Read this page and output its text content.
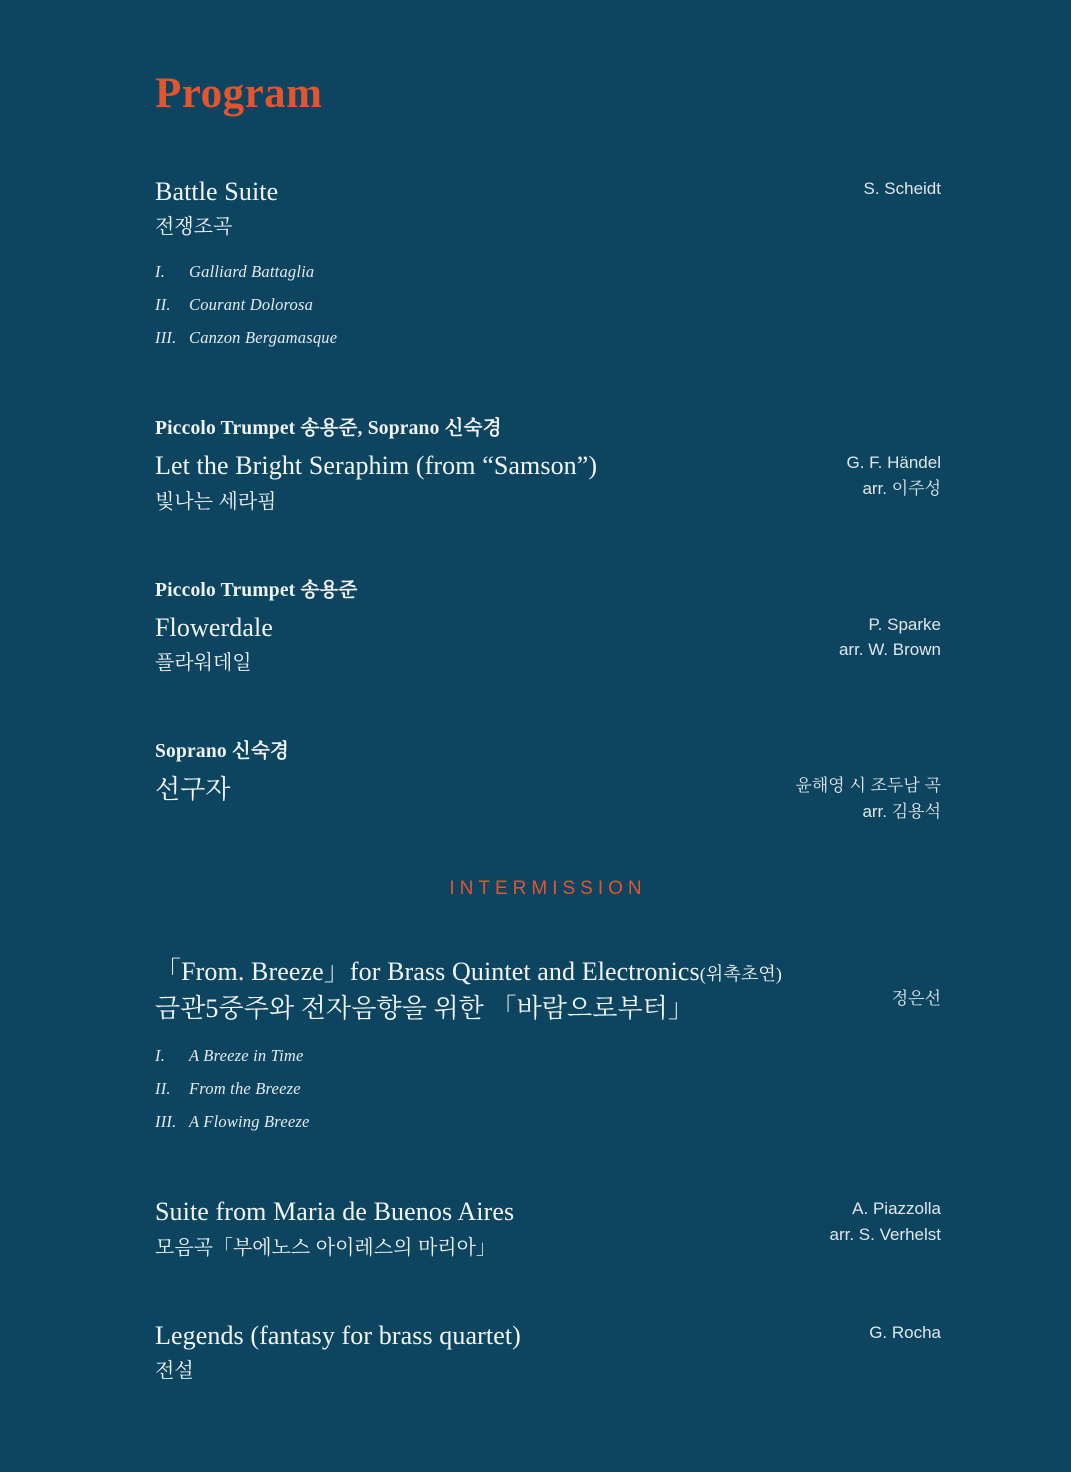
Program
Battle Suite
전쟁조곡
S. Scheidt
I.	Galliard Battaglia
II.	Courant Dolorosa
III. Canzon Bergamasque
Piccolo Trumpet 송용준, Soprano 신숙경
Let the Bright Seraphim (from “Samson”)
빛나는 세라핌
G. F. Händel
arr. 이주성
Piccolo Trumpet 송용준
Flowerdale
플라워데일
P. Sparke
arr. W. Brown
Soprano 신숙경
선구자	윤해영 시 조두남 곡
arr. 김용석
INTERMISSION
「From. Breeze」for Brass Quintet and Electronics(위촉초연)
금관5중주와 전자음향을 위한 「바람으로부터」	정은선
I.	A Breeze in Time
II.	From the Breeze
III. A Flowing Breeze
Suite from Maria de Buenos Aires
모음곡「부에노스 아이레스의 마리아」
A. Piazzolla
arr. S. Verhelst
Legends (fantasy for brass quartet)
전설
G. Rocha
